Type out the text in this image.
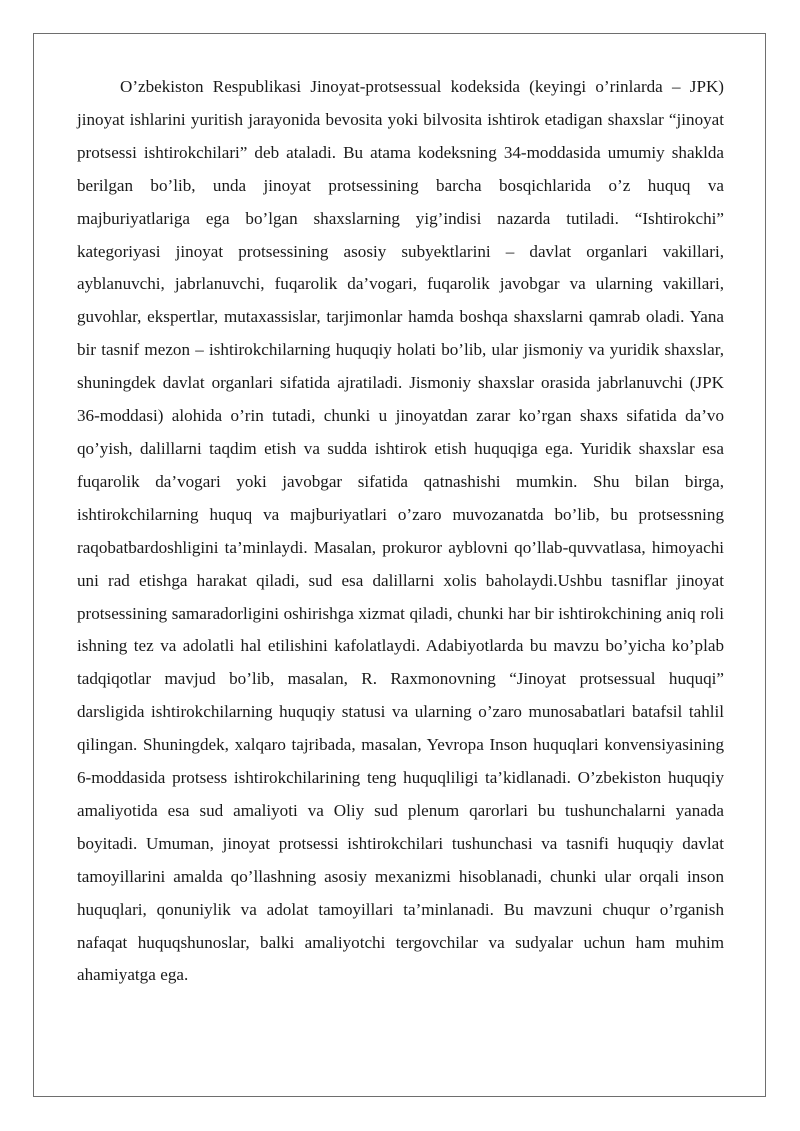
O’zbekiston Respublikasi Jinoyat-protsessual kodeksida (keyingi o’rinlarda – JPK) jinoyat ishlarini yuritish jarayonida bevosita yoki bilvosita ishtirok etadigan shaxslar “jinoyat protsessi ishtirokchilari” deb ataladi. Bu atama kodeksning 34-moddasida umumiy shaklda berilgan bo’lib, unda jinoyat protsessining barcha bosqichlarida o’z huquq va majburiyatlariga ega bo’lgan shaxslarning yig’indisi nazarda tutiladi. “Ishtirokchi” kategoriyasi jinoyat protsessining asosiy subyektlarini – davlat organlari vakillari, ayblanuvchi, jabrlanuvchi, fuqarolik da’vogari, fuqarolik javobgar va ularning vakillari, guvohlar, ekspertlar, mutaxassislar, tarjimonlar hamda boshqa shaxslarni qamrab oladi. Yana bir tasnif mezon – ishtirokchilarning huquqiy holati bo’lib, ular jismoniy va yuridik shaxslar, shuningdek davlat organlari sifatida ajratiladi. Jismoniy shaxslar orasida jabrlanuvchi (JPK 36-moddasi) alohida o’rin tutadi, chunki u jinoyatdan zarar ko’rgan shaxs sifatida da’vo qo’yish, dalillarni taqdim etish va sudda ishtirok etish huquqiga ega. Yuridik shaxslar esa fuqarolik da’vogari yoki javobgar sifatida qatnashishi mumkin. Shu bilan birga, ishtirokchilarning huquq va majburiyatlari o’zaro muvozanatda bo’lib, bu protsessning raqobatbardoshligini ta’minlaydi. Masalan, prokuror ayblovni qo’llab-quvvatlasa, himoyachi uni rad etishga harakat qiladi, sud esa dalillarni xolis baholaydi.Ushbu tasniflar jinoyat protsessining samaradorligini oshirishga xizmat qiladi, chunki har bir ishtirokchining aniq roli ishning tez va adolatli hal etilishini kafolatlaydi. Adabiyotlarda bu mavzu bo’yicha ko’plab tadqiqotlar mavjud bo’lib, masalan, R. Raxmonovning “Jinoyat protsessual huquqi” darsligida ishtirokchilarning huquqiy statusi va ularning o’zaro munosabatlari batafsil tahlil qilingan. Shuningdek, xalqaro tajribada, masalan, Yevropa Inson huquqlari konvensiyasining 6-moddasida protsess ishtirokchilarining teng huquqliligi ta’kidlanadi. O’zbekiston huquqiy amaliyotida esa sud amaliyoti va Oliy sud plenum qarorlari bu tushunchalarni yanada boyitadi. Umuman, jinoyat protsessi ishtirokchilari tushunchasi va tasnifi huquqiy davlat tamoyillarini amalda qo’llashning asosiy mexanizmi hisoblanadi, chunki ular orqali inson huquqlari, qonuniylik va adolat tamoyillari ta’minlanadi. Bu mavzuni chuqur o’rganish nafaqat huquqshunoslar, balki amaliyotchi tergovchilar va sudyalar uchun ham muhim ahamiyatga ega.
